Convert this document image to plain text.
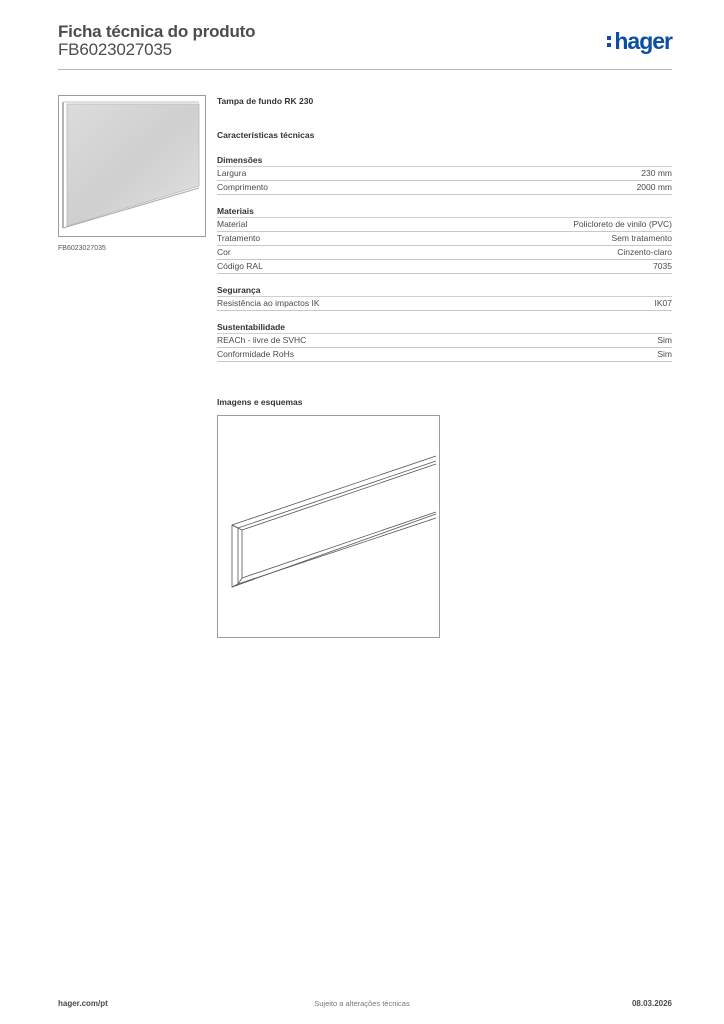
Ficha técnica do produto
FB6023027035	hager
FB6023027035
Tampa de fundo RK 230
Características técnicas
Dimensões
Largura	230 mm
Comprimento	2000 mm
Materiais
Material	Policloreto de vinilo (PVC)
Tratamento	Sem tratamento
Cor	Cinzento-claro
Código RAL	7035
Segurança
Resistência ao impactos IK	IK07
Sustentabilidade
REACh - livre de SVHC	Sim
Conformidade RoHs	Sim
Imagens e esquemas
hager.com/pt	Sujeito a alterações técnicas	08.03.2026
